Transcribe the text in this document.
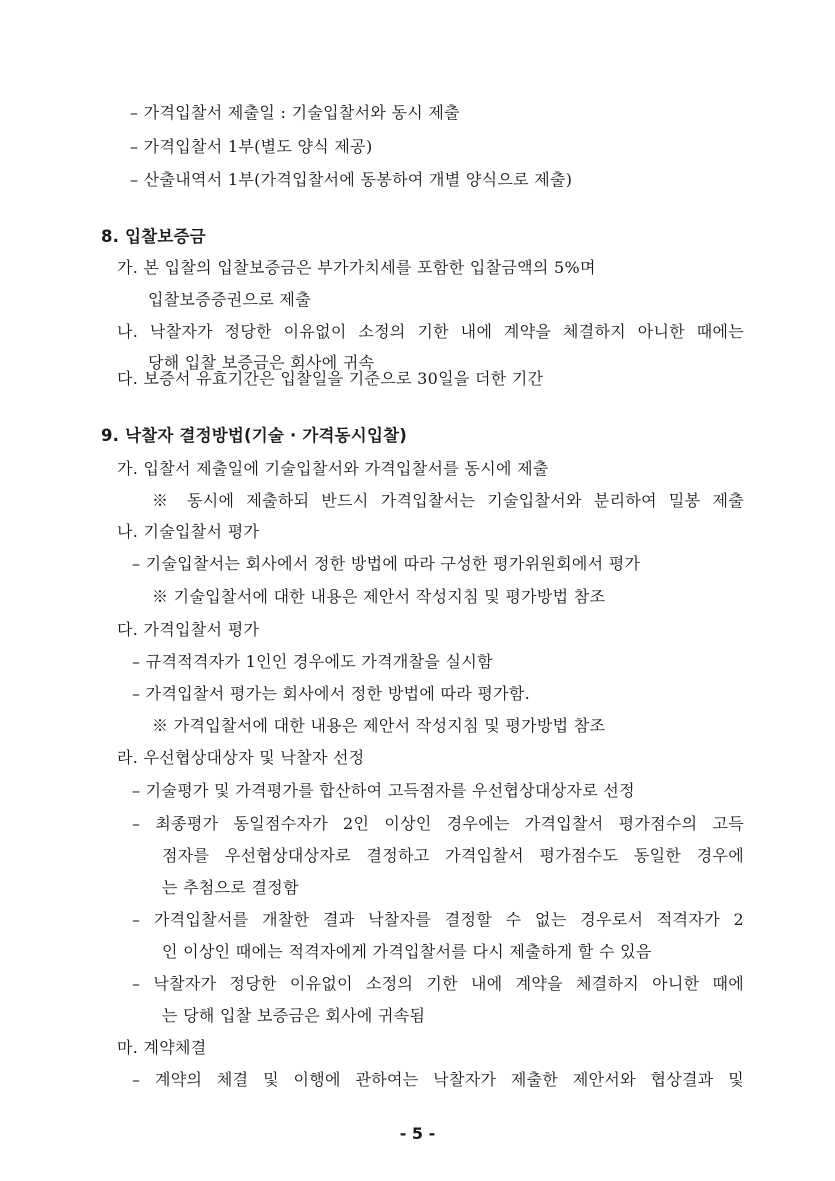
– 가격입찰서 제출일 : 기술입찰서와 동시 제출
– 가격입찰서 1부(별도 양식 제공)
– 산출내역서 1부(가격입찰서에 동봉하여 개별 양식으로 제출)
8. 입찰보증금
가. 본 입찰의 입찰보증금은 부가가치세를 포함한 입찰금액의 5%며
입찰보증증권으로 제출
나. 낙찰자가 정당한 이유없이 소정의 기한 내에 계약을 체결하지 아니한 때에는
당해 입찰 보증금은 회사에 귀속
다. 보증서 유효기간은 입찰일을 기준으로 30일을 더한 기간
9. 낙찰자 결정방법(기술 · 가격동시입찰)
가. 입찰서 제출일에 기술입찰서와 가격입찰서를 동시에 제출
※ 동시에 제출하되 반드시 가격입찰서는 기술입찰서와 분리하여 밀봉 제출
나. 기술입찰서 평가
– 기술입찰서는 회사에서 정한 방법에 따라 구성한 평가위원회에서 평가
※ 기술입찰서에 대한 내용은 제안서 작성지침 및 평가방법 참조
다. 가격입찰서 평가
– 규격적격자가 1인인 경우에도 가격개찰을 실시함
– 가격입찰서 평가는 회사에서 정한 방법에 따라 평가함.
※ 가격입찰서에 대한 내용은 제안서 작성지침 및 평가방법 참조
라. 우선협상대상자 및 낙찰자 선정
– 기술평가 및 가격평가를 합산하여 고득점자를 우선협상대상자로 선정
– 최종평가 동일점수자가 2인 이상인 경우에는 가격입찰서 평가점수의 고득
점자를 우선협상대상자로 결정하고 가격입찰서 평가점수도 동일한 경우에
는 추첨으로 결정함
– 가격입찰서를 개찰한 결과 낙찰자를 결정할 수 없는 경우로서 적격자가 2
인 이상인 때에는 적격자에게 가격입찰서를 다시 제출하게 할 수 있음
– 낙찰자가 정당한 이유없이 소정의 기한 내에 계약을 체결하지 아니한 때에
는 당해 입찰 보증금은 회사에 귀속됨
마. 계약체결
– 계약의 체결 및 이행에 관하여는 낙찰자가 제출한 제안서와 협상결과 및
- 5 -
